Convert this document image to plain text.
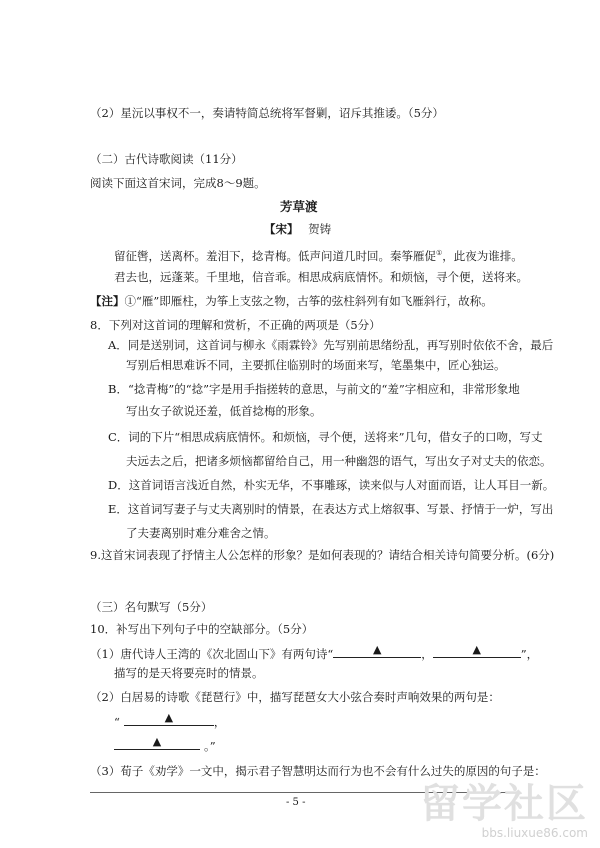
（2）星沅以事权不一，奏请特简总统将军督剿，诏斥其推诿。（5分）
（二）古代诗歌阅读（11分）
阅读下面这首宋词，完成8～9题。
芳草渡
【宋】 贺铸
留征辔，送离杯。羞泪下，捻青梅。低声问道几时回。秦筝雁促①，此夜为谁排。
君去也，远蓬莱。千里地，信音乖。相思成病底情怀。和烦恼，寻个便，送将来。
【注】①“雁”即雁柱，为筝上支弦之物，古筝的弦柱斜列有如飞雁斜行，故称。
8．下列对这首词的理解和赏析，不正确的两项是（5分）
A．同是送别词，这首词与柳永《雨霖铃》先写别前思绪纷乱，再写别时依依不舍，最后
写别后相思难诉不同，主要抓住临别时的场面来写，笔墨集中，匠心独运。
B．“捻青梅”的“捻”字是用手指搓转的意思，与前文的“羞”字相应和，非常形象地
写出女子欲说还羞，低首捻梅的形象。
C．词的下片“相思成病底情怀。和烦恼，寻个便，送将来”几句，借女子的口吻，写丈
夫远去之后，把诸多烦恼都留给自己，用一种幽怨的语气，写出女子对丈夫的依恋。
D．这首词语言浅近自然，朴实无华，不事雕琢，读来似与人对面而语，让人耳目一新。
E．这首词写妻子与丈夫离别时的情景，在表达方式上熔叙事、写景、抒情于一炉，写出
了夫妻离别时难分难舍之情。
9.这首宋词表现了抒情主人公怎样的形象？是如何表现的？请结合相关诗句简要分析。(6分)
（三）名句默写（5分）
10．补写出下列句子中的空缺部分。（5分）
（1）唐代诗人王湾的《次北固山下》有两句诗“	▲	，	▲	”，
描写的是天将要亮时的情景。
（2）白居易的诗歌《琵琶行》中，描写琵琶女大小弦合奏时声响效果的两句是：
“	▲	，
▲	。”
（3）荀子《劝学》一文中，揭示君子智慧明达而行为也不会有什么过失的原因的句子是：
- 5 -	留学社区
bbs.liuxue86.com
